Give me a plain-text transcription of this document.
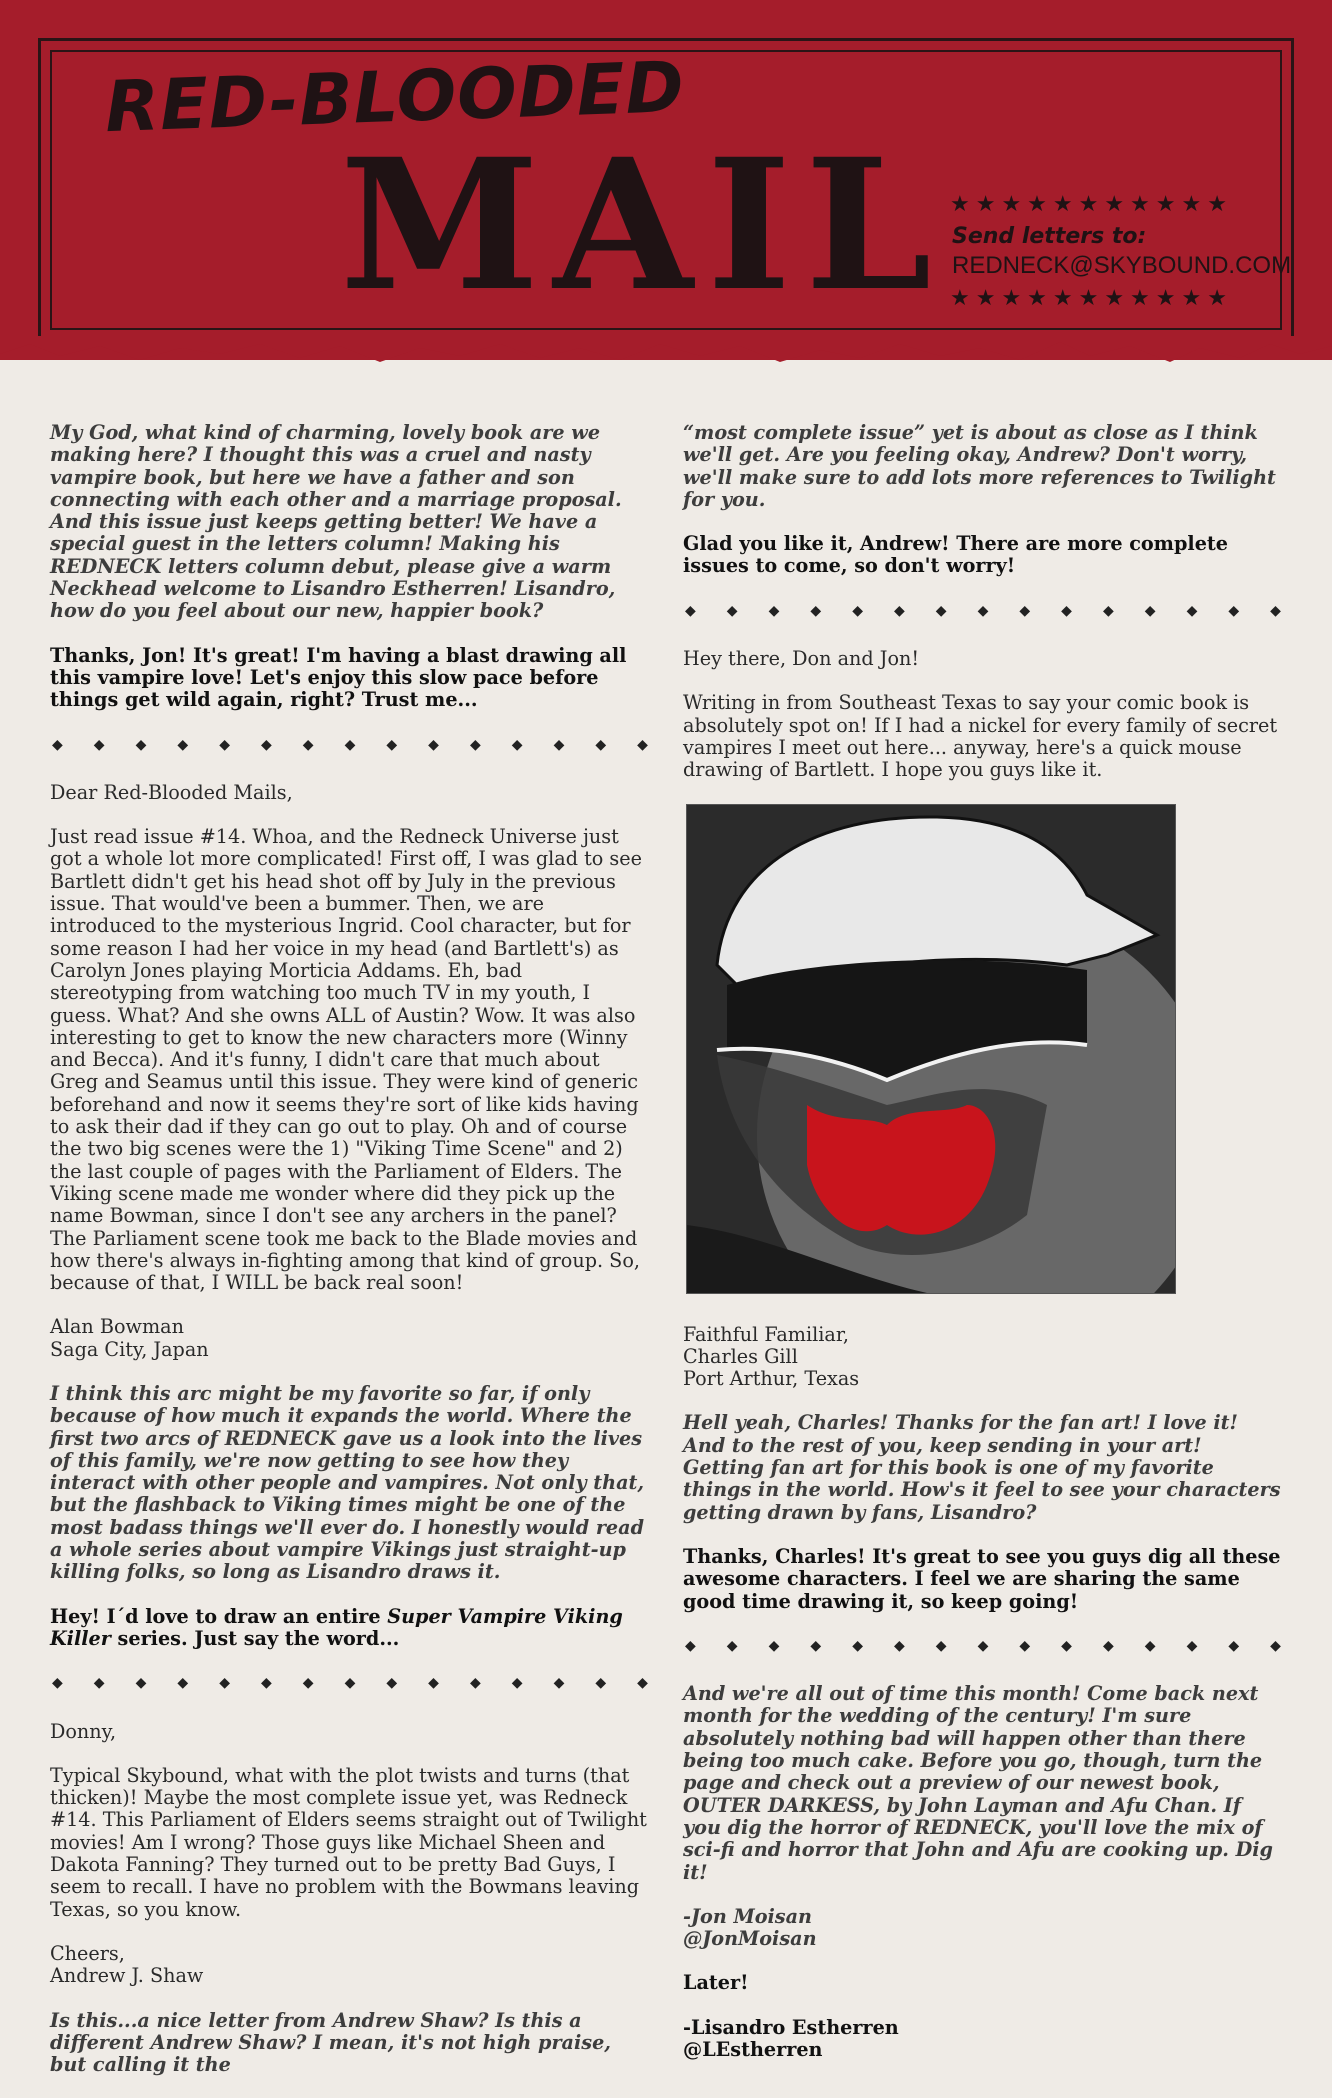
RED-BLOODED
MAIL ★★★★★★★★★★★
Send letters to:
REDNECK@SKYBOUND.COM
★★★★★★★★★★★

My God, what kind of charming, lovely book are we making here? I thought this was a cruel and nasty vampire book, but here we have a father and son connecting with each other and a marriage proposal. And this issue just keeps getting better! We have a special guest in the letters column! Making his REDNECK letters column debut, please give a warm Neckhead welcome to Lisandro Estherren! Lisandro, how do you feel about our new, happier book?

Thanks, Jon! It's great! I'm having a blast drawing all this vampire love! Let's enjoy this slow pace before things get wild again, right? Trust me...

◆ ◆ ◆ ◆ ◆ ◆ ◆ ◆ ◆ ◆ ◆ ◆ ◆ ◆ ◆

Dear Red-Blooded Mails,

Just read issue #14. Whoa, and the Redneck Universe just got a whole lot more complicated! First off, I was glad to see Bartlett didn't get his head shot off by July in the previous issue. That would've been a bummer. Then, we are introduced to the mysterious Ingrid. Cool character, but for some reason I had her voice in my head (and Bartlett's) as Carolyn Jones playing Morticia Addams. Eh, bad stereotyping from watching too much TV in my youth, I guess. What? And she owns ALL of Austin? Wow. It was also interesting to get to know the new characters more (Winny and Becca). And it's funny, I didn't care that much about Greg and Seamus until this issue. They were kind of generic beforehand and now it seems they're sort of like kids having to ask their dad if they can go out to play. Oh and of course the two big scenes were the 1) "Viking Time Scene" and 2) the last couple of pages with the Parliament of Elders. The Viking scene made me wonder where did they pick up the name Bowman, since I don't see any archers in the panel? The Parliament scene took me back to the Blade movies and how there's always in-fighting among that kind of group. So, because of that, I WILL be back real soon!

Alan Bowman

Saga City, Japan

I think this arc might be my favorite so far, if only because of how much it expands the world. Where the first two arcs of REDNECK gave us a look into the lives of this family, we're now getting to see how they interact with other people and vampires. Not only that, but the flashback to Viking times might be one of the most badass things we'll ever do. I honestly would read a whole series about vampire Vikings just straight-up killing folks, so long as Lisandro draws it.

Hey! I´d love to draw an entire Super Vampire Viking Killer series. Just say the word...

◆ ◆ ◆ ◆ ◆ ◆ ◆ ◆ ◆ ◆ ◆ ◆ ◆ ◆ ◆

Donny,

Typical Skybound, what with the plot twists and turns (that thicken)! Maybe the most complete issue yet, was Redneck #14. This Parliament of Elders seems straight out of Twilight movies! Am I wrong? Those guys like Michael Sheen and Dakota Fanning? They turned out to be pretty Bad Guys, I seem to recall. I have no problem with the Bowmans leaving Texas, so you know.

Cheers,

Andrew J. Shaw

Is this...a nice letter from Andrew Shaw? Is this a different Andrew Shaw? I mean, it's not high praise, but calling it the

“most complete issue” yet is about as close as I think we'll get. Are you feeling okay, Andrew? Don't worry, we'll make sure to add lots more references to Twilight for you.

Glad you like it, Andrew! There are more complete issues to come, so don't worry!

◆ ◆ ◆ ◆ ◆ ◆ ◆ ◆ ◆ ◆ ◆ ◆ ◆ ◆ ◆

Hey there, Don and Jon!

Writing in from Southeast Texas to say your comic book is absolutely spot on! If I had a nickel for every family of secret vampires I meet out here... anyway, here's a quick mouse drawing of Bartlett. I hope you guys like it.

Faithful Familiar,

Charles Gill

Port Arthur, Texas

Hell yeah, Charles! Thanks for the fan art! I love it! And to the rest of you, keep sending in your art! Getting fan art for this book is one of my favorite things in the world. How's it feel to see your characters getting drawn by fans, Lisandro?

Thanks, Charles! It's great to see you guys dig all these awesome characters. I feel we are sharing the same good time drawing it, so keep going!

◆ ◆ ◆ ◆ ◆ ◆ ◆ ◆ ◆ ◆ ◆ ◆ ◆ ◆ ◆

And we're all out of time this month! Come back next month for the wedding of the century! I'm sure absolutely nothing bad will happen other than there being too much cake. Before you go, though, turn the page and check out a preview of our newest book, OUTER DARKESS, by John Layman and Afu Chan. If you dig the horror of REDNECK, you'll love the mix of sci-fi and horror that John and Afu are cooking up. Dig it!

-Jon Moisan

@JonMoisan

Later!

-Lisandro Estherren

@LEstherren
